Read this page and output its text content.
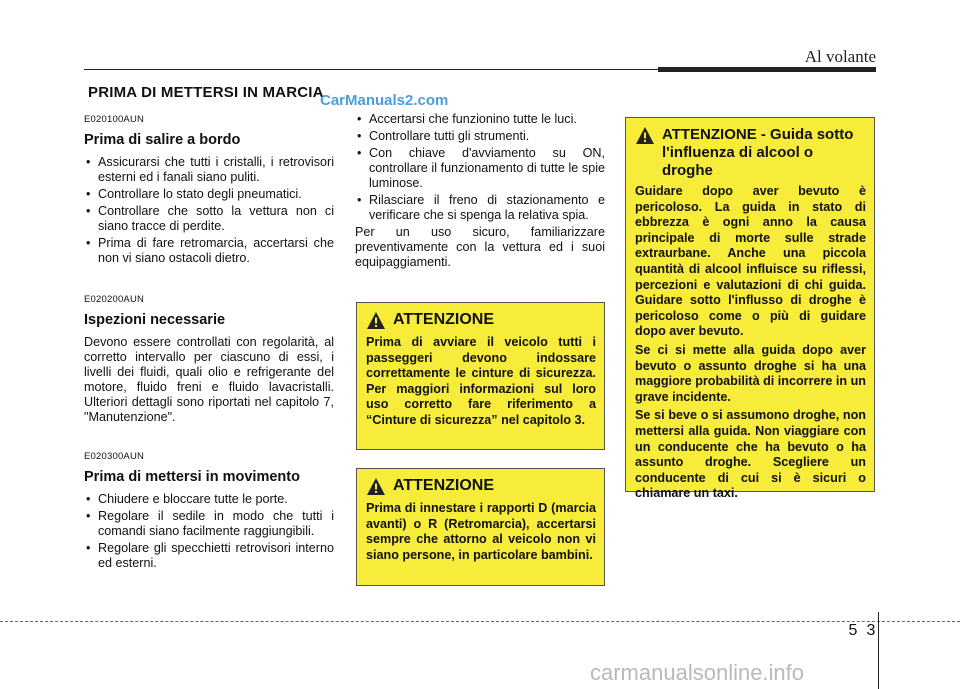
Al volante
PRIMA DI METTERSI IN MARCIA
CarManuals2.com
E020100AUN
Prima di salire a bordo
• Assicurarsi che tutti i cristalli, i retrovisori esterni ed i fanali siano puliti.
• Controllare lo stato degli pneumatici.
• Controllare che sotto la vettura non ci siano tracce di perdite.
• Prima di fare retromarcia, accertarsi che non vi siano ostacoli dietro.
E020200AUN
Ispezioni necessarie

Devono essere controllati con regolarità, al corretto intervallo per ciascuno di essi, i livelli dei fluidi, quali olio e refrigerante del motore, fluido freni e fluido lavacristalli. Ulteriori dettagli sono riportati nel capitolo 7, "Manutenzione".

E020300AUN
Prima di mettersi in movimento
• Chiudere e bloccare tutte le porte.
• Regolare il sedile in modo che tutti i comandi siano facilmente raggiungibili.
• Regolare gli specchietti retrovisori interno ed esterni.
• Accertarsi che funzionino tutte le luci.
• Controllare tutti gli strumenti.
• Con chiave d'avviamento su ON, controllare il funzionamento di tutte le spie luminose.
• Rilasciare il freno di stazionamento e verificare che si spenga la relativa spia.

Per un uso sicuro, familiarizzare preventivamente con la vettura ed i suoi equipaggiamenti.

ATTENZIONE
Prima di avviare il veicolo tutti i passeggeri devono indossare correttamente le cinture di sicurezza. Per maggiori informazioni sul loro uso corretto fare riferimento a “Cinture di sicurezza” nel capitolo 3.
ATTENZIONE
Prima di innestare i rapporti D (marcia avanti) o R (Retromarcia), accertarsi sempre che attorno al veicolo non vi siano persone, in particolare bambini.
ATTENZIONE - Guida sotto l'influenza di alcool o droghe

Guidare dopo aver bevuto è pericoloso. La guida in stato di ebbrezza è ogni anno la causa principale di morte sulle strade extraurbane. Anche una piccola quantità di alcool influisce su riflessi, percezioni e valutazioni di chi guida. Guidare sotto l'influsso di droghe è pericoloso come o più di guidare dopo aver bevuto.

Se ci si mette alla guida dopo aver bevuto o assunto droghe si ha una maggiore probabilità di incorrere in un grave incidente.

Se si beve o si assumono droghe, non mettersi alla guida. Non viaggiare con un conducente che ha bevuto o ha assunto droghe. Scegliere un conducente di cui si è sicuri o chiamare un taxi.

5 3
carmanualsonline.info
